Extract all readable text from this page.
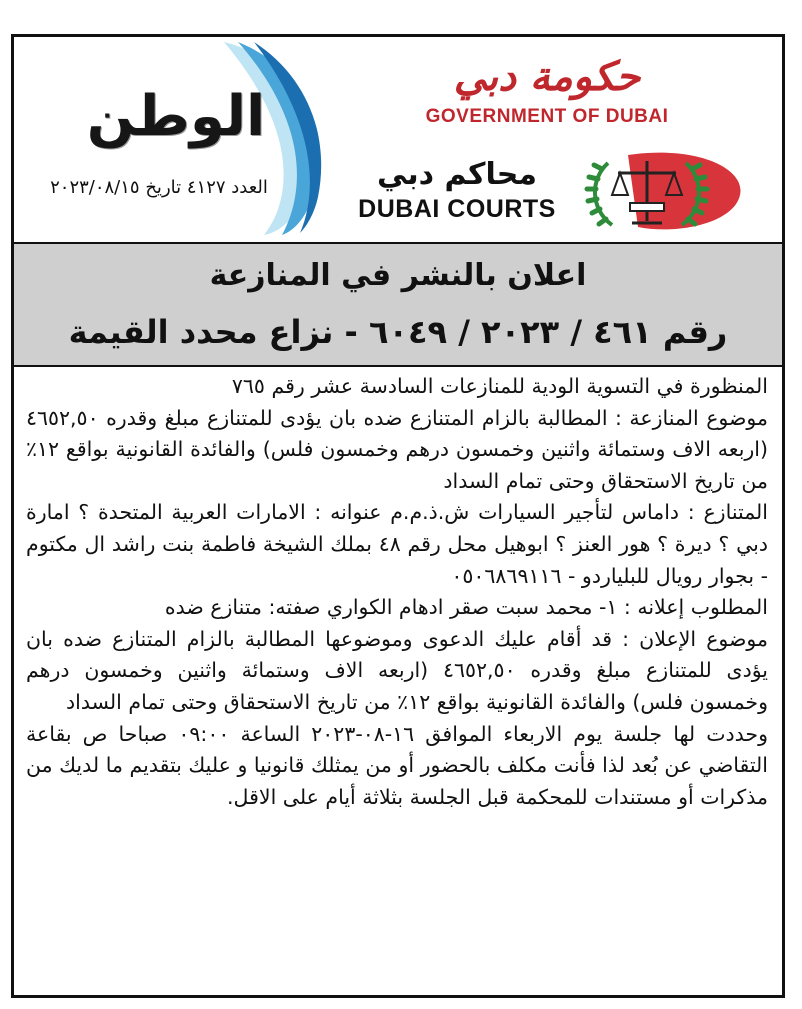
حكومة دبي
GOVERNMENT OF DUBAI
محاكم دبي
DUBAI COURTS
الوطن
العدد ٤١٢٧ تاريخ ٢٠٢٣/٠٨/١٥
اعلان بالنشر في المنازعة
رقم ٤٦١ / ٢٠٢٣ / ٦٠٤٩ - نزاع محدد القيمة

المنظورة في التسوية الودية للمنازعات السادسة عشر رقم ٧٦٥

موضوع المنازعة : المطالبة بالزام المتنازع ضده بان يؤدى للمتنازع مبلغ وقدره ٤٦٥٢,٥٠ (اربعه الاف وستمائة واثنين وخمسون درهم وخمسون فلس) والفائدة القانونية بواقع ١٢٪ من تاريخ الاستحقاق وحتى تمام السداد

المتنازع : داماس لتأجير السيارات ش.ذ.م.م عنوانه : الامارات العربية المتحدة ؟ امارة دبي ؟ ديرة ؟ هور العنز ؟ ابوهيل محل رقم ٤٨ بملك الشيخة فاطمة بنت راشد ال مكتوم - بجوار رويال للبلياردو - ٠٥٠٦٨٦٩١١٦

المطلوب إعلانه : ١- محمد سبت صقر ادهام الكواري صفته: متنازع ضده

موضوع الإعلان : قد أقام عليك الدعوى وموضوعها المطالبة بالزام المتنازع ضده بان يؤدى للمتنازع مبلغ وقدره ٤٦٥٢,٥٠ (اربعه الاف وستمائة واثنين وخمسون درهم وخمسون فلس) والفائدة القانونية بواقع ١٢٪ من تاريخ الاستحقاق وحتى تمام السداد

وحددت لها جلسة يوم الاربعاء الموافق ١٦-٠٨-٢٠٢٣ الساعة ٠٩:٠٠ صباحا ص بقاعة التقاضي عن بُعد لذا فأنت مكلف بالحضور أو من يمثلك قانونيا و عليك بتقديم ما لديك من مذكرات أو مستندات للمحكمة قبل الجلسة بثلاثة أيام على الاقل.
